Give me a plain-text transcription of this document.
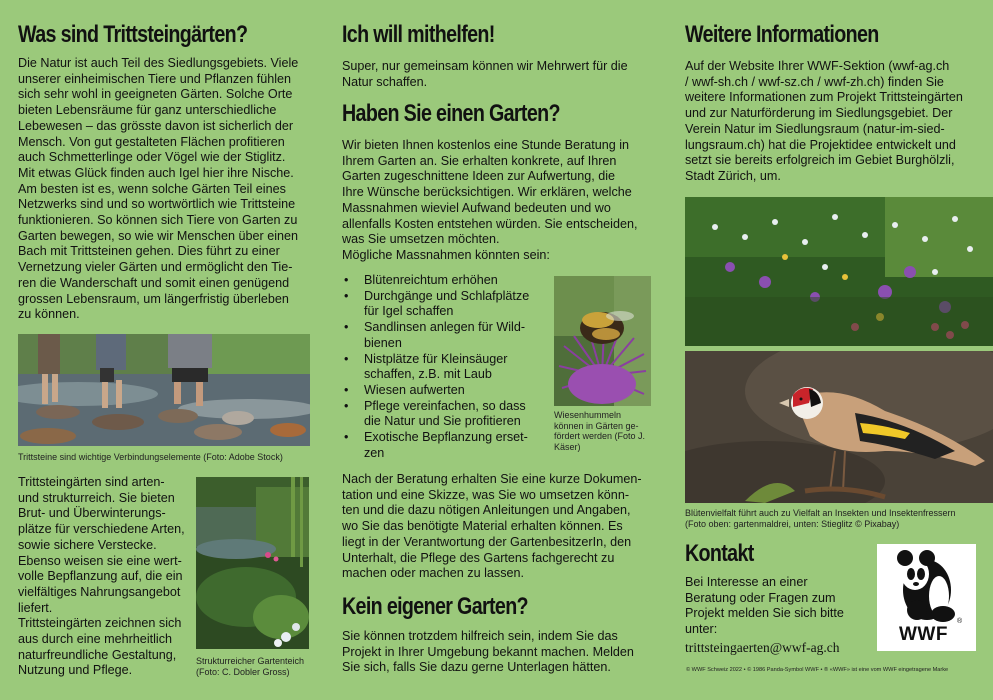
Was sind Trittsteingärten?
Die Natur ist auch Teil des Siedlungsgebiets. Viele
unserer einheimischen Tiere und Pflanzen fühlen
sich sehr wohl in geeigneten Gärten. Solche Orte
bieten Lebensräume für ganz unterschiedliche
Lebewesen – das grösste davon ist sicherlich der
Mensch. Von gut gestalteten Flächen profitieren
auch Schmetterlinge oder Vögel wie der Stiglitz.
Mit etwas Glück finden auch Igel hier ihre Nische.
Am besten ist es, wenn solche Gärten Teil eines
Netzwerks sind und so wortwörtlich wie Trittsteine
funktionieren. So können sich Tiere von Garten zu
Garten bewegen, so wie wir Menschen über einen
Bach mit Trittsteinen gehen. Dies führt zu einer
Vernetzung vieler Gärten und ermöglicht den Tie-
ren die Wanderschaft und somit einen genügend
grossen Lebensraum, um längerfristig überleben
zu können.
Trittsteine sind wichtige Verbindungselemente (Foto: Adobe Stock)
Trittsteingärten sind arten-
und strukturreich. Sie bieten
Brut- und Überwinterungs-
plätze für verschiedene Arten,
sowie sichere Verstecke.
Ebenso weisen sie eine wert-
volle Bepflanzung auf, die ein
vielfältiges Nahrungsangebot
liefert.
Trittsteingärten zeichnen sich
aus durch eine mehrheitlich
naturfreundliche Gestaltung,
Nutzung und Pflege.
Strukturreicher Gartenteich
(Foto: C. Dobler Gross)
Ich will mithelfen!
Super, nur gemeinsam können wir Mehrwert für die
Natur schaffen.
Haben Sie einen Garten?
Wir bieten Ihnen kostenlos eine Stunde Beratung in
Ihrem Garten an. Sie erhalten konkrete, auf Ihren
Garten zugeschnittene Ideen zur Aufwertung, die
Ihre Wünsche berücksichtigen. Wir erklären, welche
Massnahmen wieviel Aufwand bedeuten und wo
allenfalls Kosten entstehen würden. Sie entscheiden,
was Sie umsetzen möchten.
Mögliche Massnahmen könnten sein:
• Blütenreichtum erhöhen
• Durchgänge und Schlafplätze
für Igel schaffen
• Sandlinsen anlegen für Wild-
bienen
• Nistplätze für Kleinsäuger
schaffen, z.B. mit Laub
• Wiesen aufwerten
• Pflege vereinfachen, so dass
die Natur und Sie profitieren
• Exotische Bepflanzung erset-
zen
Wiesenhummeln
können in Gärten ge-
fördert werden (Foto J.
Käser)
Nach der Beratung erhalten Sie eine kurze Dokumen-
tation und eine Skizze, was Sie wo umsetzen könn-
ten und die dazu nötigen Anleitungen und Angaben,
wo Sie das benötigte Material erhalten können. Es
liegt in der Verantwortung der GartenbesitzerIn, den
Unterhalt, die Pflege des Gartens fachgerecht zu
machen oder machen zu lassen.
Kein eigener Garten?
Sie können trotzdem hilfreich sein, indem Sie das
Projekt in Ihrer Umgebung bekannt machen. Melden
Sie sich, falls Sie dazu gerne Unterlagen hätten.
Weitere Informationen
Auf der Website Ihrer WWF-Sektion (wwf-ag.ch
/ wwf-sh.ch / wwf-sz.ch / wwf-zh.ch) finden Sie
weitere Informationen zum Projekt Trittsteingärten
und zur Naturförderung im Siedlungsgebiet. Der
Verein Natur im Siedlungsraum (natur-im-sied-
lungsraum.ch) hat die Projektidee entwickelt und
setzt sie bereits erfolgreich im Gebiet Burghölzli,
Stadt Zürich, um.
Blütenvielfalt führt auch zu Vielfalt an Insekten und Insektenfressern
(Foto oben: gartenmaldrei, unten: Stieglitz © Pixabay)
Kontakt
Bei Interesse an einer
Beratung oder Fragen zum
Projekt melden Sie sich bitte
unter:
trittsteingaerten@wwf-ag.ch
WWF
®
© WWF Schweiz 2022 • © 1986 Panda-Symbol WWF • ® «WWF» ist eine vom WWF eingetragene Marke
